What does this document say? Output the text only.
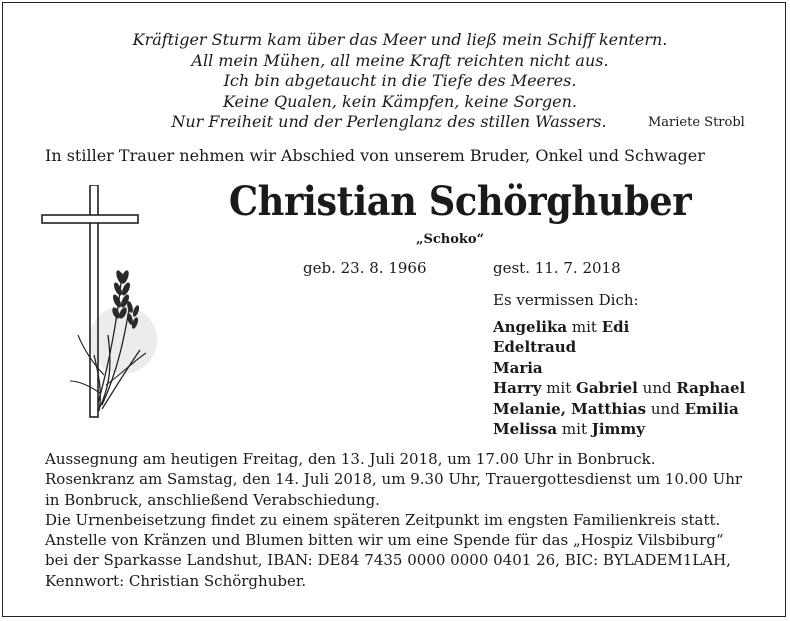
Kräftiger Sturm kam über das Meer und ließ mein Schiff kentern.
All mein Mühen, all meine Kraft reichten nicht aus.
Ich bin abgetaucht in die Tiefe des Meeres.
Keine Qualen, kein Kämpfen, keine Sorgen.
Nur Freiheit und der Perlenglanz des stillen Wassers.	Mariete Strobl
In stiller Trauer nehmen wir Abschied von unserem Bruder, Onkel und Schwager
Christian Schörghuber
„Schoko“
geb. 23. 8. 1966	gest. 11. 7. 2018
Es vermissen Dich:
Angelika mit Edi
Edeltraud
Maria
Harry mit Gabriel und Raphael
Melanie, Matthias und Emilia
Melissa mit Jimmy
Aussegnung am heutigen Freitag, den 13. Juli 2018, um 17.00 Uhr in Bonbruck.
Rosenkranz am Samstag, den 14. Juli 2018, um 9.30 Uhr, Trauergottesdienst um 10.00 Uhr
in Bonbruck, anschließend Verabschiedung.
Die Urnenbeisetzung findet zu einem späteren Zeitpunkt im engsten Familienkreis statt.
Anstelle von Kränzen und Blumen bitten wir um eine Spende für das „Hospiz Vilsbiburg“
bei der Sparkasse Landshut, IBAN: DE84 7435 0000 0000 0401 26, BIC: BYLADEM1LAH,
Kennwort: Christian Schörghuber.
